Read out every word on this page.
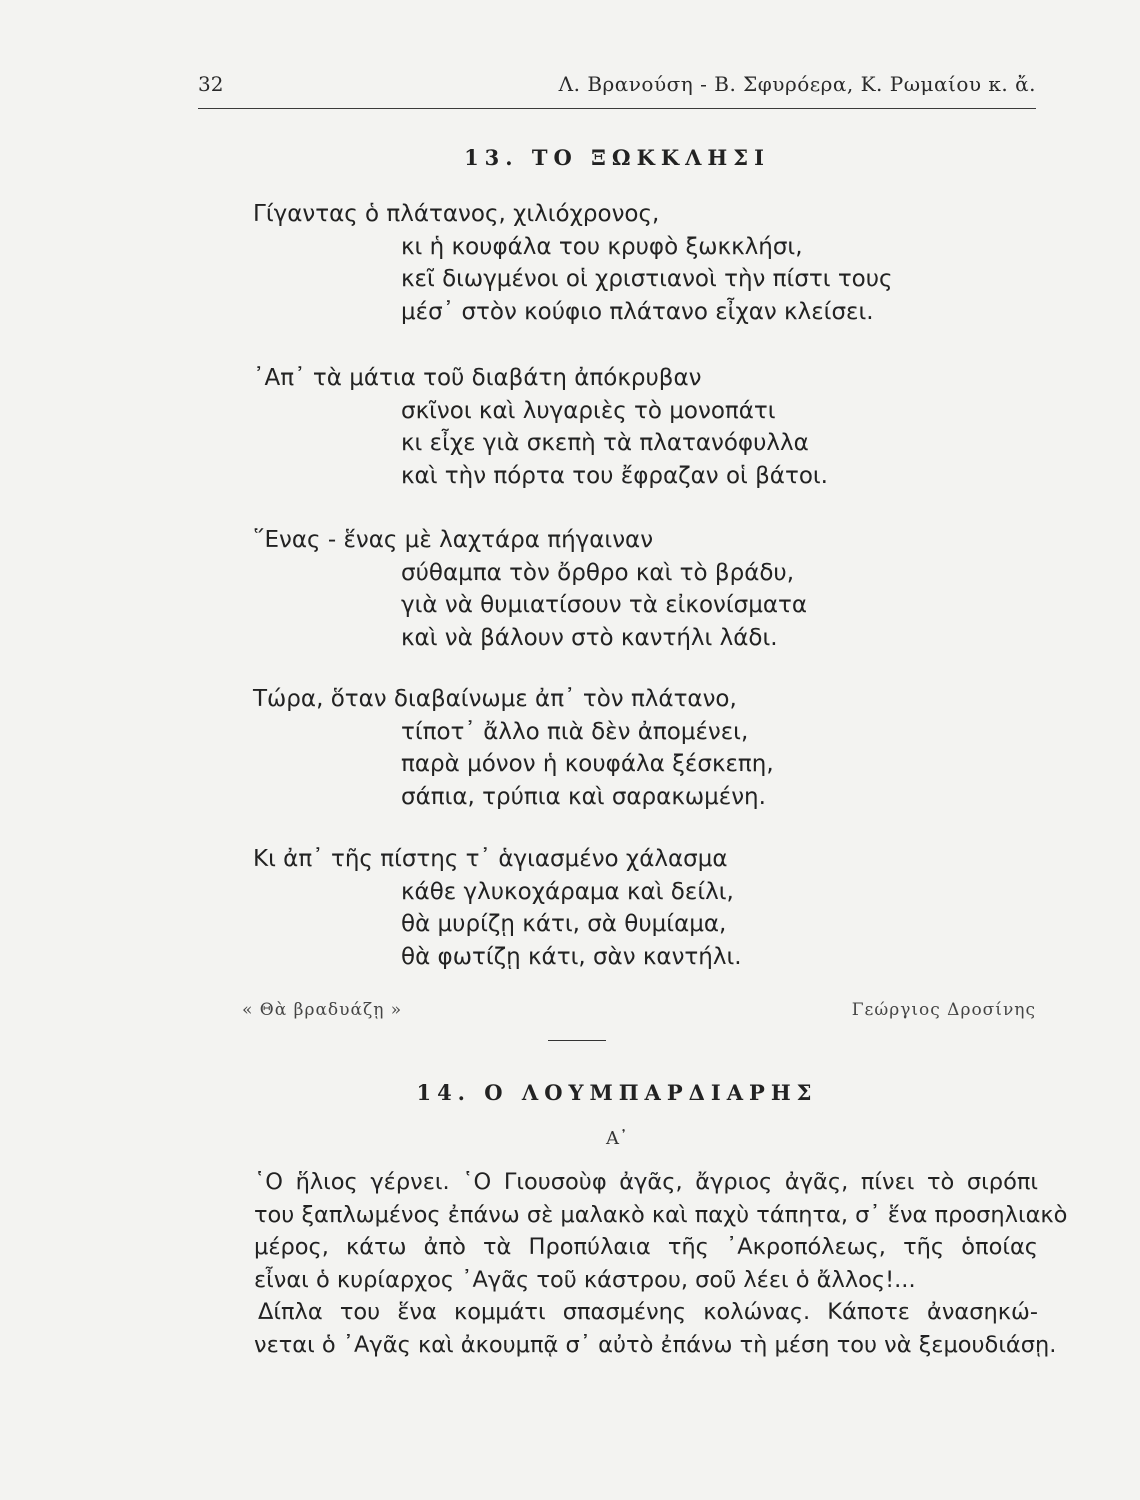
32	Λ. Βρανούση - Β. Σφυρόερα, Κ. Ρωμαίου κ. ἄ.
13. ΤΟ ΞΩΚΚΛΗΣΙ
Γίγαντας ὁ πλάτανος, χιλιόχρονος,
κι ἡ κουφάλα του κρυφὸ ξωκκλήσι,
κεῖ διωγμένοι οἱ χριστιανοὶ τὴν πίστι τους
μέσ᾽ στὸν κούφιο πλάτανο εἶχαν κλείσει.
᾽Απ᾽ τὰ μάτια τοῦ διαβάτη ἀπόκρυβαν
σκῖνοι καὶ λυγαριὲς τὸ μονοπάτι
κι εἶχε γιὰ σκεπὴ τὰ πλατανόφυλλα
καὶ τὴν πόρτα του ἔφραζαν οἱ βάτοι.
῞Ενας - ἕνας μὲ λαχτάρα πήγαιναν
σύθαμπα τὸν ὄρθρο καὶ τὸ βράδυ,
γιὰ νὰ θυμιατίσουν τὰ εἰκονίσματα
καὶ νὰ βάλουν στὸ καντήλι λάδι.
Τώρα, ὅταν διαβαίνωμε ἀπ᾽ τὸν πλάτανο,
τίποτ᾽ ἄλλο πιὰ δὲν ἀπομένει,
παρὰ μόνον ἡ κουφάλα ξέσκεπη,
σάπια, τρύπια καὶ σαρακωμένη.
Κι ἀπ᾽ τῆς πίστης τ᾽ ἁγιασμένο χάλασμα
κάθε γλυκοχάραμα καὶ δείλι,
θὰ μυρίζῃ κάτι, σὰ θυμίαμα,
θὰ φωτίζῃ κάτι, σὰν καντήλι.
« Θὰ βραδυάζῃ »	Γεώργιος Δροσίνης
14. Ο ΛΟΥΜΠΑΡΔΙΑΡΗΣ
Α᾽

῾Ο ἥλιος γέρνει. ῾Ο Γιουσοὺφ ἀγᾶς, ἄγριος ἀγᾶς, πίνει τὸ σιρόπι
του ξαπλωμένος ἐπάνω σὲ μαλακὸ καὶ παχὺ τάπητα, σ᾽ ἕνα προσηλιακὸ
μέρος, κάτω ἀπὸ τὰ Προπύλαια τῆς ᾽Ακροπόλεως, τῆς ὁποίας
εἶναι ὁ κυρίαρχος ᾽Αγᾶς τοῦ κάστρου, σοῦ λέει ὁ ἄλλος!...

Δίπλα του ἕνα κομμάτι σπασμένης κολώνας. Κάποτε ἀνασηκώ-
νεται ὁ ᾽Αγᾶς καὶ ἀκουμπᾷ σ᾽ αὐτὸ ἐπάνω τὴ μέση του νὰ ξεμουδιάσῃ.
